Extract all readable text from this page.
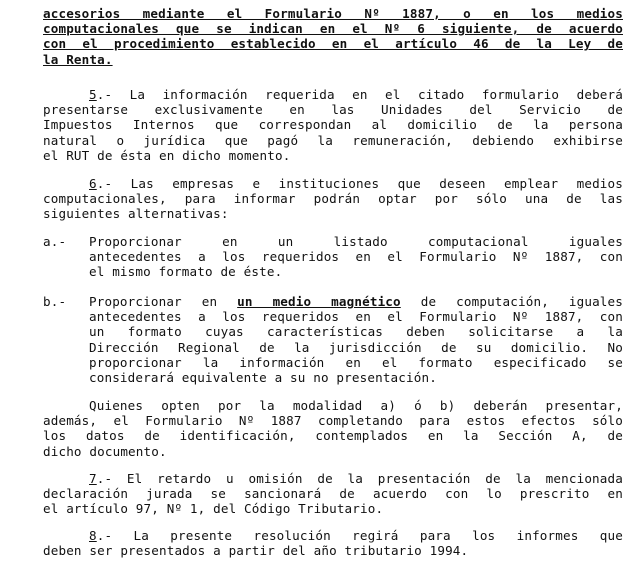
accesorios mediante el Formulario Nº 1887, o en los medios
computacionales que se indican en el Nº 6 siguiente, de acuerdo
con el procedimiento establecido en el artículo 46 de la Ley de
la Renta.
5.- La información requerida en el citado formulario deberá
presentarse exclusivamente en las Unidades del Servicio de
Impuestos Internos que correspondan al domicilio de la persona
natural o jurídica que pagó la remuneración, debiendo exhibirse
el RUT de ésta en dicho momento.
6.- Las empresas e instituciones que deseen emplear medios
computacionales, para informar podrán optar por sólo una de las
siguientes alternativas:
a.- Proporcionar en un listado computacional iguales
antecedentes a los requeridos en el Formulario Nº 1887, con
el mismo formato de éste.
b.- Proporcionar en un medio magnético de computación, iguales
antecedentes a los requeridos en el Formulario Nº 1887, con
un formato cuyas características deben solicitarse a la
Dirección Regional de la jurisdicción de su domicilio. No
proporcionar la información en el formato especificado se
considerará equivalente a su no presentación.
Quienes opten por la modalidad a) ó b) deberán presentar,
además, el Formulario Nº 1887 completando para estos efectos sólo
los datos de identificación, contemplados en la Sección A, de
dicho documento.
7.- El retardo u omisión de la presentación de la mencionada
declaración jurada se sancionará de acuerdo con lo prescrito en
el artículo 97, Nº 1, del Código Tributario.
8.- La presente resolución regirá para los informes que
deben ser presentados a partir del año tributario 1994.
